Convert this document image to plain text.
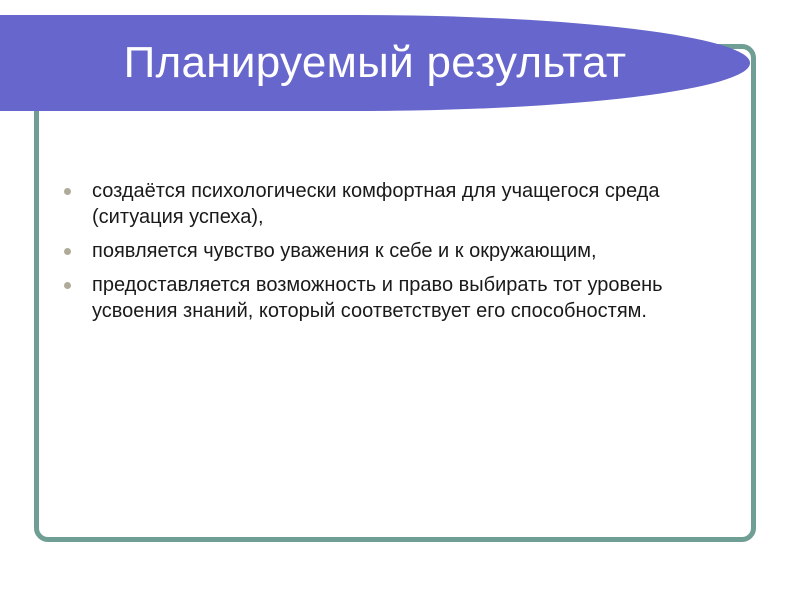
Планируемый результат
создаётся психологически комфортная для учащегося среда (ситуация успеха),
появляется чувство уважения к себе и к окружающим,
предоставляется возможность и право выбирать тот уровень усвоения знаний, который соответствует его способностям.
